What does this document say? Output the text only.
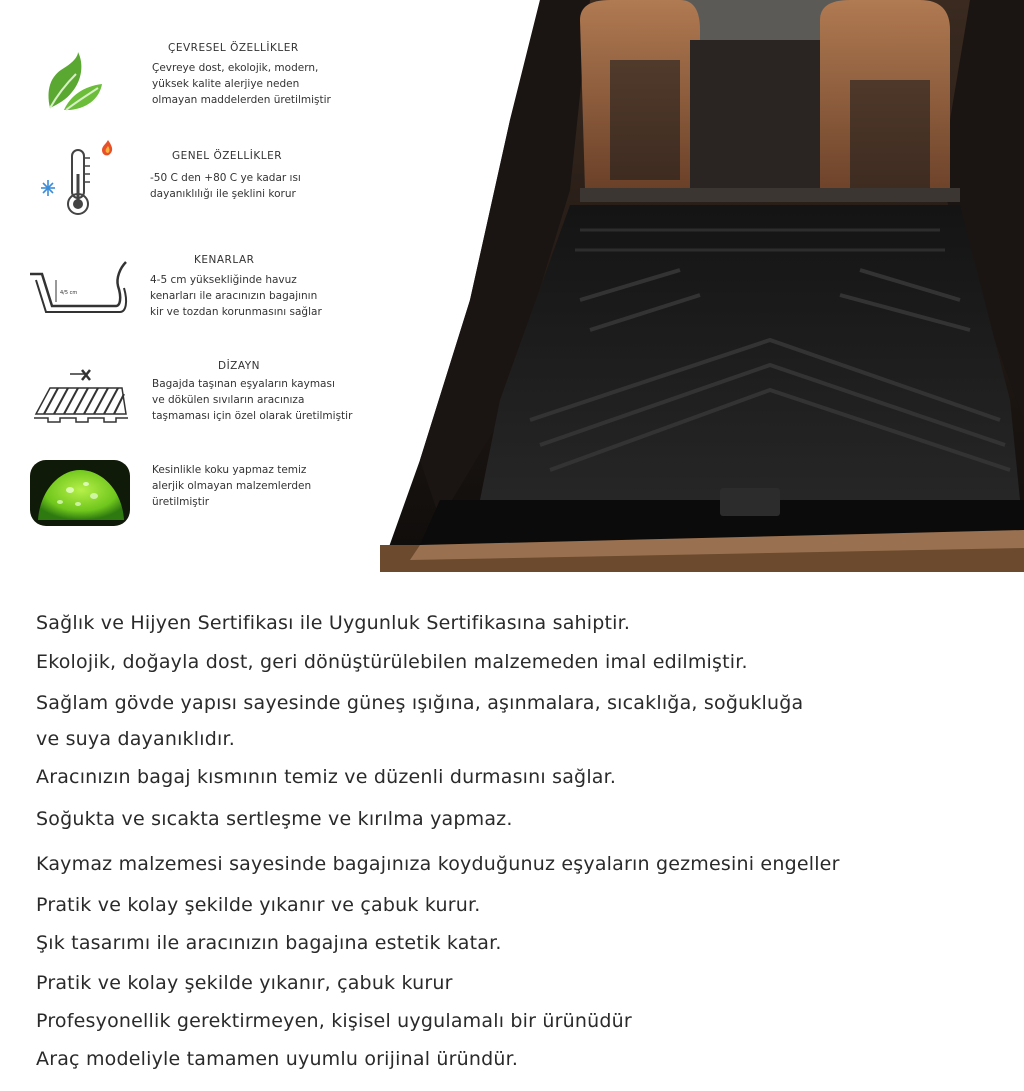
ÇEVRESEL ÖZELLİKLER
Çevreye dost, ekolojik, modern,
yüksek kalite alerjiye neden
olmayan maddelerden üretilmiştir
GENEL ÖZELLİKLER
-50 C den +80 C ye kadar ısı
dayanıklılığı ile şeklini korur
4/5 cm
KENARLAR
4-5 cm yüksekliğinde havuz
kenarları ile aracınızın bagajının
kir ve tozdan korunmasını sağlar
DİZAYN
Bagajda taşınan eşyaların kayması
ve dökülen sıvıların aracınıza
taşmaması için özel olarak üretilmiştir
Kesinlikle koku yapmaz temiz
alerjik olmayan malzemlerden
üretilmiştir
Sağlık ve Hijyen Sertifikası ile Uygunluk Sertifikasına sahiptir.
Ekolojik, doğayla dost, geri dönüştürülebilen malzemeden imal edilmiştir.
Sağlam gövde yapısı sayesinde güneş ışığına, aşınmalara, sıcaklığa, soğukluğa
ve suya dayanıklıdır.
Aracınızın bagaj kısmının temiz ve düzenli durmasını sağlar.
Soğukta ve sıcakta sertleşme ve kırılma yapmaz.
Kaymaz malzemesi sayesinde bagajınıza koyduğunuz eşyaların gezmesini engeller
Pratik ve kolay şekilde yıkanır ve çabuk kurur.
Şık tasarımı ile aracınızın bagajına estetik katar.
Pratik ve kolay şekilde yıkanır, çabuk kurur
Profesyonellik gerektirmeyen, kişisel uygulamalı bir ürünüdür
Araç modeliyle tamamen uyumlu orijinal üründür.
